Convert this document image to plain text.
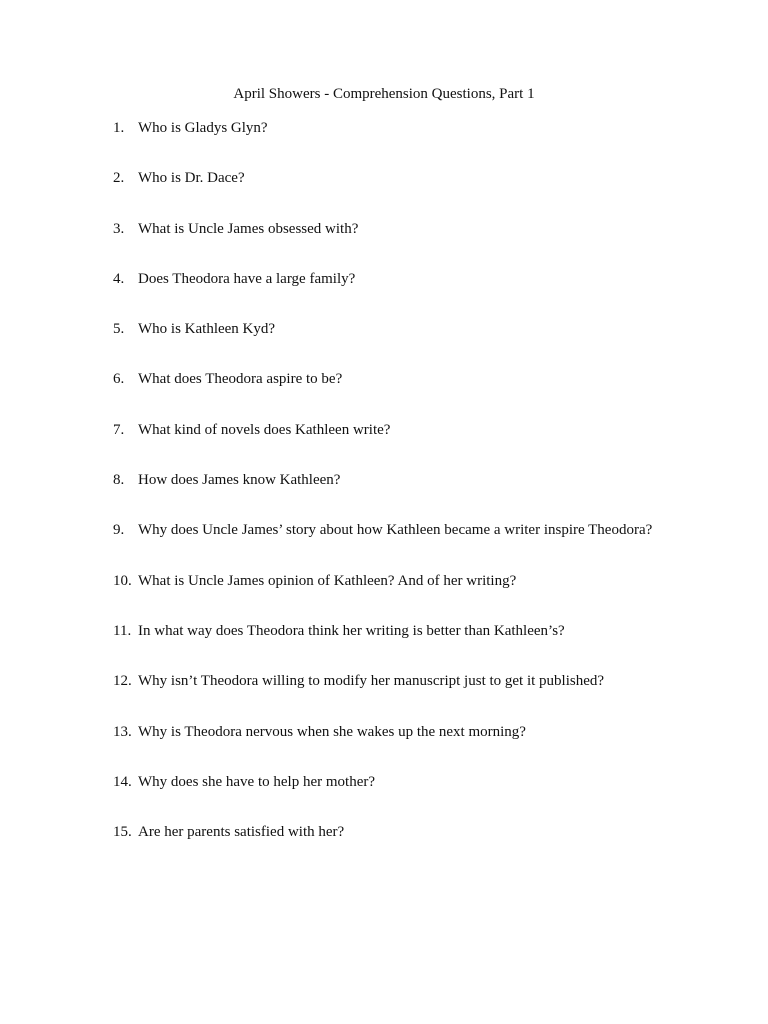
April Showers - Comprehension Questions, Part 1
1. Who is Gladys Glyn?
2. Who is Dr. Dace?
3. What is Uncle James obsessed with?
4. Does Theodora have a large family?
5. Who is Kathleen Kyd?
6. What does Theodora aspire to be?
7. What kind of novels does Kathleen write?
8. How does James know Kathleen?
9. Why does Uncle James’ story about how Kathleen became a writer inspire Theodora?
10. What is Uncle James opinion of Kathleen? And of her writing?
11. In what way does Theodora think her writing is better than Kathleen’s?
12. Why isn’t Theodora willing to modify her manuscript just to get it published?
13. Why is Theodora nervous when she wakes up the next morning?
14. Why does she have to help her mother?
15. Are her parents satisfied with her?
